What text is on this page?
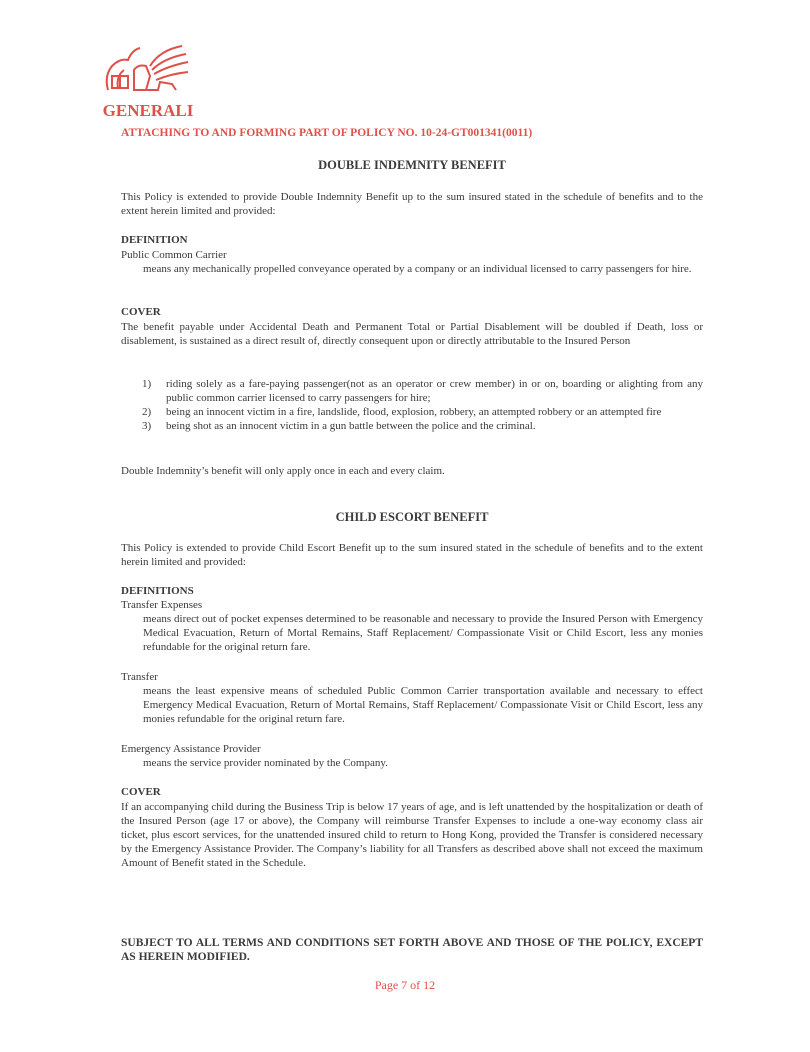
GENERALI

ATTACHING TO AND FORMING PART OF POLICY NO. 10-24-GT001341(0011)

DOUBLE INDEMNITY BENEFIT

This Policy is extended to provide Double Indemnity Benefit up to the sum insured stated in the schedule of benefits and to the extent herein limited and provided:

DEFINITION

Public Common Carrier

means any mechanically propelled conveyance operated by a company or an individual licensed to carry passengers for hire.

COVER

The benefit payable under Accidental Death and Permanent Total or Partial Disablement will be doubled if Death, loss or disablement, is sustained as a direct result of, directly consequent upon or directly attributable to the Insured Person

1) riding solely as a fare-paying passenger(not as an operator or crew member) in or on, boarding or alighting from any public common carrier licensed to carry passengers for hire;
2) being an innocent victim in a fire, landslide, flood, explosion, robbery, an attempted robbery or an attempted fire
3) being shot as an innocent victim in a gun battle between the police and the criminal.

Double Indemnity’s benefit will only apply once in each and every claim.

CHILD ESCORT BENEFIT

This Policy is extended to provide Child Escort Benefit up to the sum insured stated in the schedule of benefits and to the extent herein limited and provided:

DEFINITIONS

Transfer Expenses

means direct out of pocket expenses determined to be reasonable and necessary to provide the Insured Person with Emergency Medical Evacuation, Return of Mortal Remains, Staff Replacement/ Compassionate Visit or Child Escort, less any monies refundable for the original return fare.

Transfer

means the least expensive means of scheduled Public Common Carrier transportation available and necessary to effect Emergency Medical Evacuation, Return of Mortal Remains, Staff Replacement/ Compassionate Visit or Child Escort, less any monies refundable for the original return fare.

Emergency Assistance Provider

means the service provider nominated by the Company.

COVER

If an accompanying child during the Business Trip is below 17 years of age, and is left unattended by the hospitalization or death of the Insured Person (age 17 or above), the Company will reimburse Transfer Expenses to include a one-way economy class air ticket, plus escort services, for the unattended insured child to return to Hong Kong, provided the Transfer is considered necessary by the Emergency Assistance Provider. The Company’s liability for all Transfers as described above shall not exceed the maximum Amount of Benefit stated in the Schedule.

SUBJECT TO ALL TERMS AND CONDITIONS SET FORTH ABOVE AND THOSE OF THE POLICY, EXCEPT AS HEREIN MODIFIED.

Page 7 of 12
